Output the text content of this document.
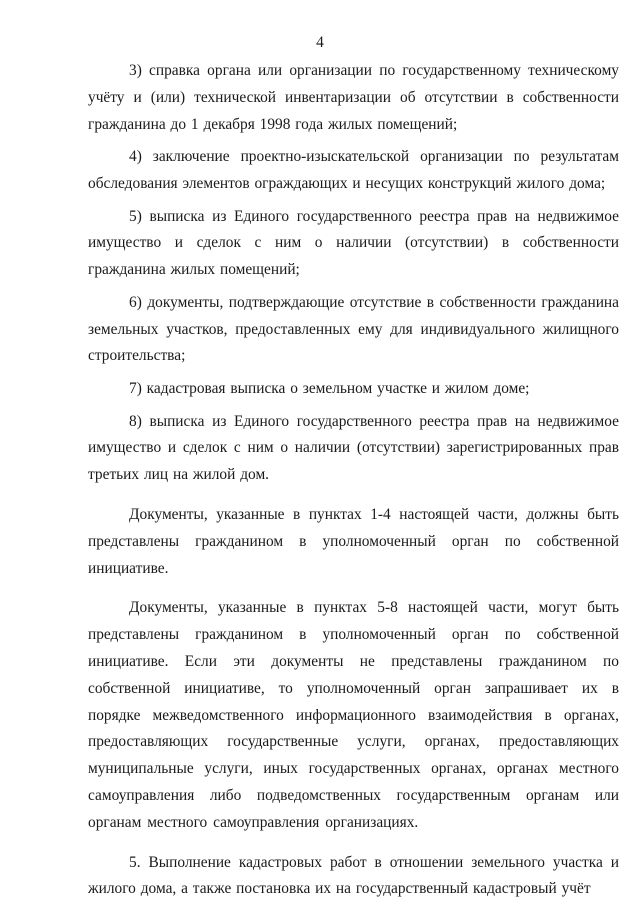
4

3) справка органа или организации по государственному техническому учёту и (или) технической инвентаризации об отсутствии в собственности гражданина до 1 декабря 1998 года жилых помещений;

4) заключение проектно-изыскательской организации по результатам обследования элементов ограждающих и несущих конструкций жилого дома;

5) выписка из Единого государственного реестра прав на недвижимое имущество и сделок с ним о наличии (отсутствии) в собственности гражданина жилых помещений;

6) документы, подтверждающие отсутствие в собственности гражданина земельных участков, предоставленных ему для индивидуального жилищного строительства;

7) кадастровая выписка о земельном участке и жилом доме;

8) выписка из Единого государственного реестра прав на недвижимое имущество и сделок с ним о наличии (отсутствии) зарегистрированных прав третьих лиц на жилой дом.

Документы, указанные в пунктах 1-4 настоящей части, должны быть представлены гражданином в уполномоченный орган по собственной инициативе.

Документы, указанные в пунктах 5-8 настоящей части, могут быть представлены гражданином в уполномоченный орган по собственной инициативе. Если эти документы не представлены гражданином по собственной инициативе, то уполномоченный орган запрашивает их в порядке межведомственного информационного взаимодействия в органах, предоставляющих государственные услуги, органах, предоставляющих муниципальные услуги, иных государственных органах, органах местного самоуправления либо подведомственных государственным органам или органам местного самоуправления организациях.

5. Выполнение кадастровых работ в отношении земельного участка и жилого дома, а также постановка их на государственный кадастровый учёт
